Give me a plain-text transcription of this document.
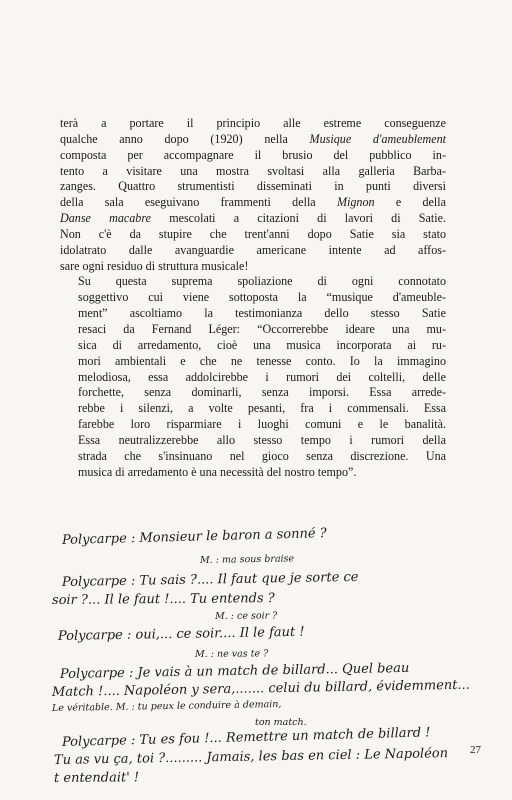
terà a portare il principio alle estreme conseguenze
qualche anno dopo (1920) nella Musique d'ameublement
composta per accompagnare il brusio del pubblico in-
tento a visitare una mostra svoltasi alla galleria Barba-
zanges. Quattro strumentisti disseminati in punti diversi
della sala eseguivano frammenti della Mignon e della
Danse macabre mescolati a citazioni di lavori di Satie.
Non c'è da stupire che trent'anni dopo Satie sia stato
idolatrato dalle avanguardie americane intente ad affos-
sare ogni residuo di struttura musicale!

Su questa suprema spoliazione di ogni connotato
soggettivo cui viene sottoposta la “musique d'ameuble-
ment” ascoltiamo la testimonianza dello stesso Satie
resaci da Fernand Léger: “Occorrerebbe ideare una mu-
sica di arredamento, cioè una musica incorporata ai ru-
mori ambientali e che ne tenesse conto. Io la immagino
melodiosa, essa addolcirebbe i rumori dei coltelli, delle
forchette, senza dominarli, senza imporsi. Essa arrede-
rebbe i silenzi, a volte pesanti, fra i commensali. Essa
farebbe loro risparmiare i luoghi comuni e le banalità.
Essa neutralizzerebbe allo stesso tempo i rumori della
strada che s'insinuano nel gioco senza discrezione. Una
musica di arredamento è una necessità del nostro tempo”.

Polycarpe : Monsieur le baron a sonné ?
M. : ma sous braise
Polycarpe : Tu sais ?.... Il faut que je sorte ce
soir ?... Il le faut !.... Tu entends ?
M. : ce soir ?
Polycarpe : oui,... ce soir.... Il le faut !
M. : ne vas te ?
Polycarpe : Je vais à un match de billard... Quel beau
Match !.... Napoléon y sera,....... celui du billard, évidemment...
Le véritable. M. : tu peux le conduire à demain,
ton match.
Polycarpe : Tu es fou !... Remettre un match de billard !
Tu as vu ça, toi ?......... Jamais, les bas en ciel : Le Napoléon
t entendait' !
27
